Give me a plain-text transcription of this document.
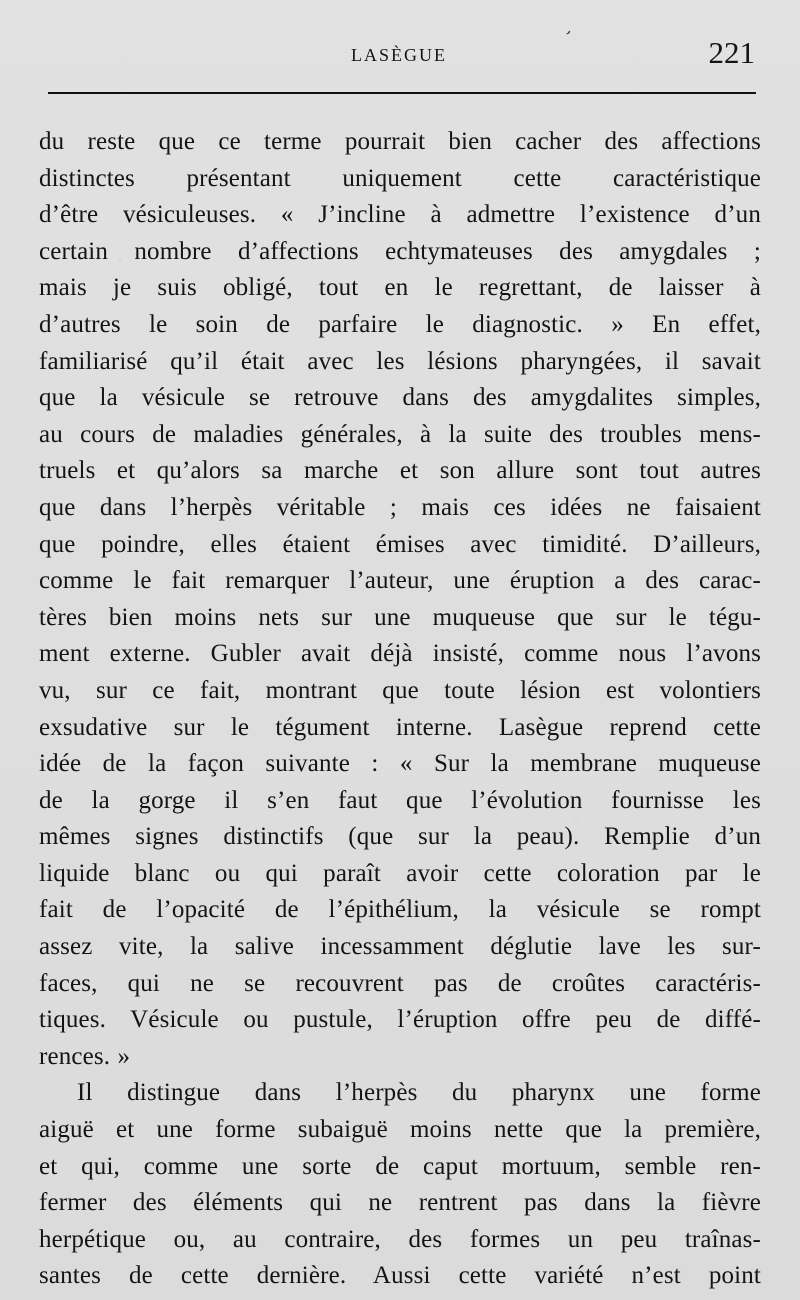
,
LASÈGUE	221
du reste que ce terme pourrait bien cacher des affections
distinctes présentant uniquement cette caractéristique
d’être vésiculeuses. « J’incline à admettre l’existence d’un
certain nombre d’affections echtymateuses des amygdales ;
mais je suis obligé, tout en le regrettant, de laisser à
d’autres le soin de parfaire le diagnostic. » En effet,
familiarisé qu’il était avec les lésions pharyngées, il savait
que la vésicule se retrouve dans des amygdalites simples,
au cours de maladies générales, à la suite des troubles mens-
truels et qu’alors sa marche et son allure sont tout autres
que dans l’herpès véritable ; mais ces idées ne faisaient
que poindre, elles étaient émises avec timidité. D’ailleurs,
comme le fait remarquer l’auteur, une éruption a des carac-
tères bien moins nets sur une muqueuse que sur le tégu-
ment externe. Gubler avait déjà insisté, comme nous l’avons
vu, sur ce fait, montrant que toute lésion est volontiers
exsudative sur le tégument interne. Lasègue reprend cette
idée de la façon suivante : « Sur la membrane muqueuse
de la gorge il s’en faut que l’évolution fournisse les
mêmes signes distinctifs (que sur la peau). Remplie d’un
liquide blanc ou qui paraît avoir cette coloration par le
fait de l’opacité de l’épithélium, la vésicule se rompt
assez vite, la salive incessamment déglutie lave les sur-
faces, qui ne se recouvrent pas de croûtes caractéris-
tiques. Vésicule ou pustule, l’éruption offre peu de diffé-
rences. »
Il distingue dans l’herpès du pharynx une forme
aiguë et une forme subaiguë moins nette que la première,
et qui, comme une sorte de caput mortuum, semble ren-
fermer des éléments qui ne rentrent pas dans la fièvre
herpétique ou, au contraire, des formes un peu traînas-
santes de cette dernière. Aussi cette variété n’est point
